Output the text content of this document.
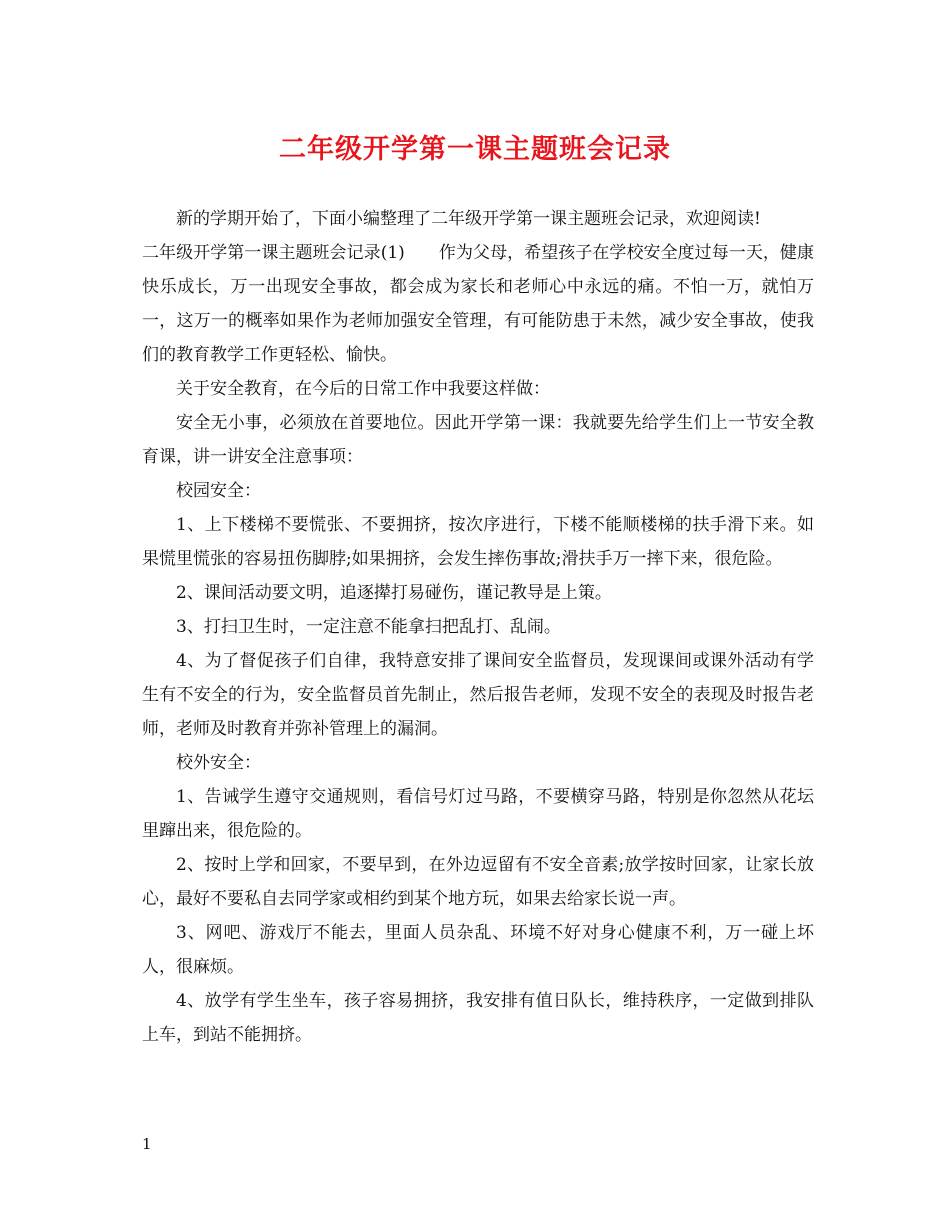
二年级开学第一课主题班会记录

新的学期开始了，下面小编整理了二年级开学第一课主题班会记录，欢迎阅读!

二年级开学第一课主题班会记录(1)　　作为父母，希望孩子在学校安全度过每一天，健康快乐成长，万一出现安全事故，都会成为家长和老师心中永远的痛。不怕一万，就怕万一，这万一的概率如果作为老师加强安全管理，有可能防患于未然，减少安全事故，使我们的教育教学工作更轻松、愉快。

关于安全教育，在今后的日常工作中我要这样做：

安全无小事，必须放在首要地位。因此开学第一课：我就要先给学生们上一节安全教育课，讲一讲安全注意事项：

校园安全：

1、上下楼梯不要慌张、不要拥挤，按次序进行，下楼不能顺楼梯的扶手滑下来。如果慌里慌张的容易扭伤脚脖;如果拥挤，会发生摔伤事故;滑扶手万一摔下来，很危险。

2、课间活动要文明，追逐撵打易碰伤，谨记教导是上策。

3、打扫卫生时，一定注意不能拿扫把乱打、乱闹。

4、为了督促孩子们自律，我特意安排了课间安全监督员，发现课间或课外活动有学生有不安全的行为，安全监督员首先制止，然后报告老师，发现不安全的表现及时报告老师，老师及时教育并弥补管理上的漏洞。

校外安全：

1、告诫学生遵守交通规则，看信号灯过马路，不要横穿马路，特别是你忽然从花坛里蹿出来，很危险的。

2、按时上学和回家，不要早到，在外边逗留有不安全音素;放学按时回家，让家长放心，最好不要私自去同学家或相约到某个地方玩，如果去给家长说一声。

3、网吧、游戏厅不能去，里面人员杂乱、环境不好对身心健康不利，万一碰上坏人，很麻烦。

4、放学有学生坐车，孩子容易拥挤，我安排有值日队长，维持秩序，一定做到排队上车，到站不能拥挤。

1
